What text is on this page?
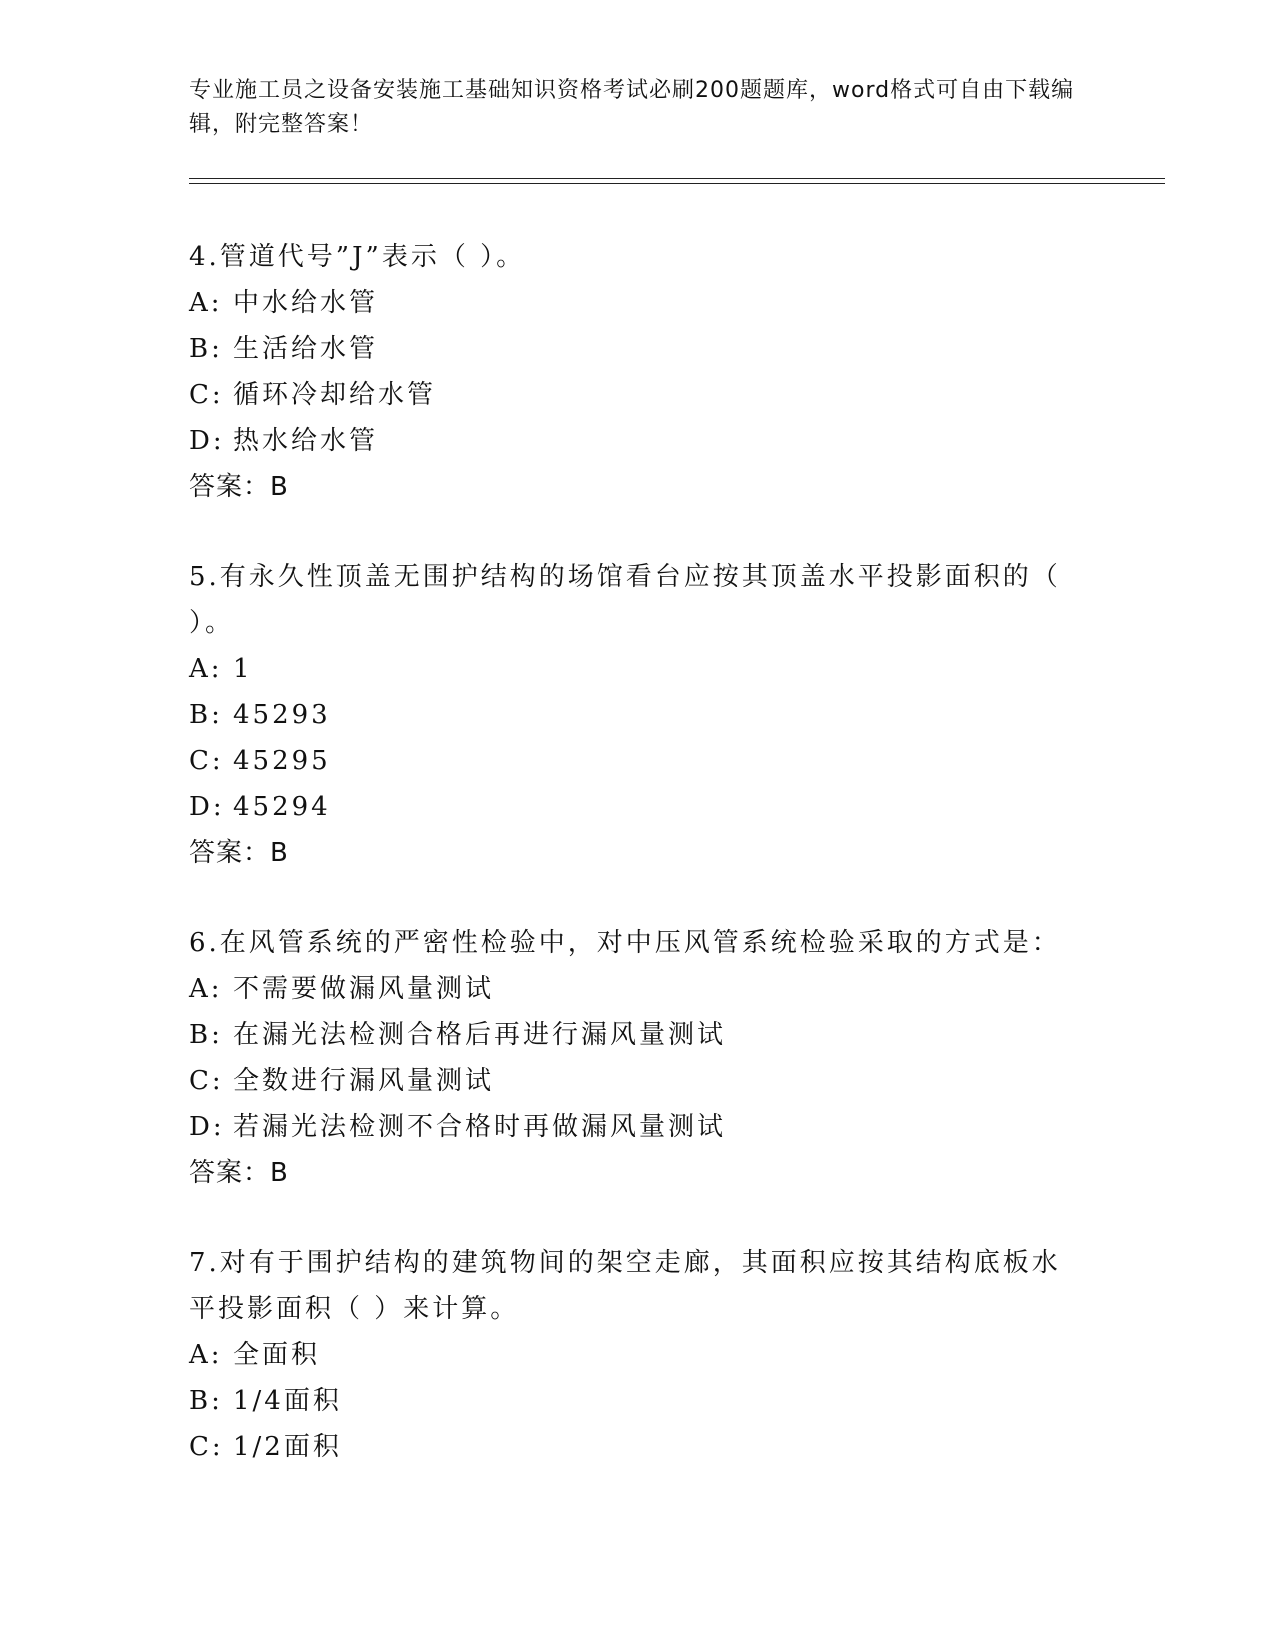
专业施工员之设备安装施工基础知识资格考试必刷200题题库，word格式可自由下载编辑，附完整答案！
4.管道代号”J”表示（ ）。
A: 中水给水管
B: 生活给水管
C: 循环冷却给水管
D: 热水给水管
答案：B
5.有永久性顶盖无围护结构的场馆看台应按其顶盖水平投影面积的（ ）。
A: 1
B: 45293
C: 45295
D: 45294
答案：B
6.在风管系统的严密性检验中，对中压风管系统检验采取的方式是：
A: 不需要做漏风量测试
B: 在漏光法检测合格后再进行漏风量测试
C: 全数进行漏风量测试
D: 若漏光法检测不合格时再做漏风量测试
答案：B
7.对有于围护结构的建筑物间的架空走廊，其面积应按其结构底板水平投影面积（ ）来计算。
A: 全面积
B: 1/4面积
C: 1/2面积
